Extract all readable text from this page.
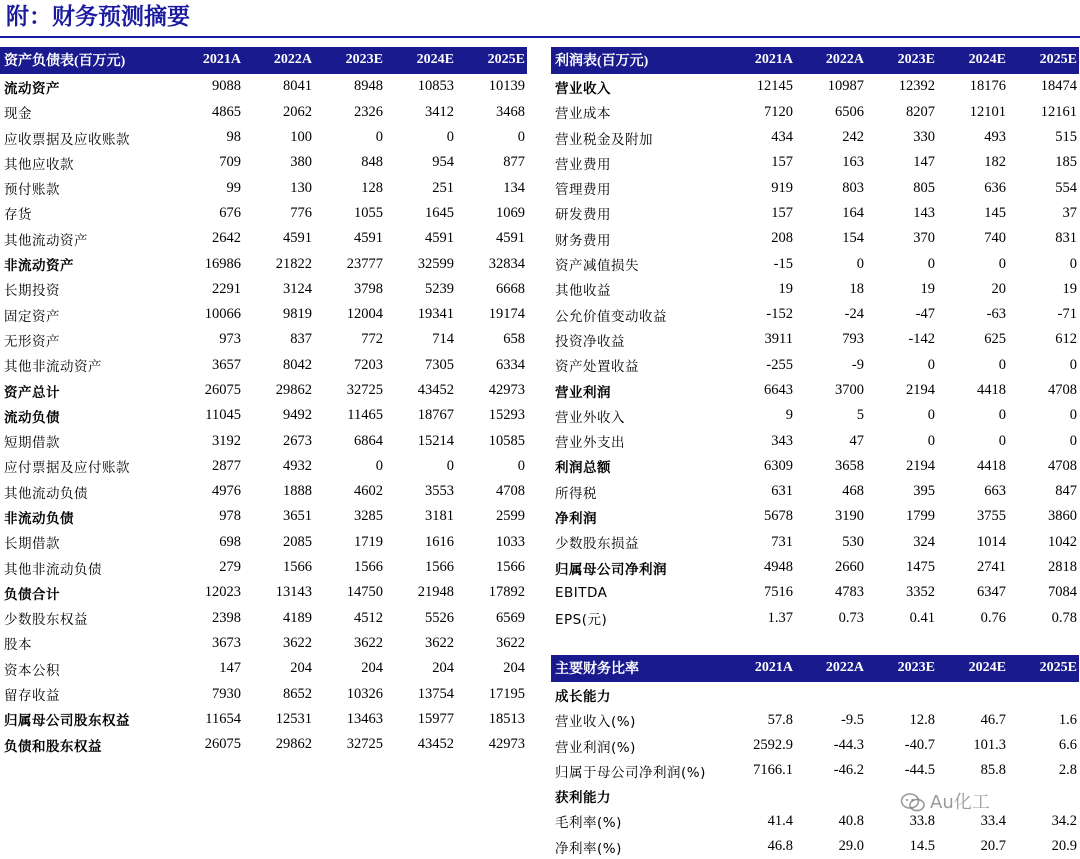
附：财务预测摘要
资产负债表(百万元)	2021A	2022A	2023E	2024E	2025E
流动资产	9088	8041	8948	10853	10139
现金	4865	2062	2326	3412	3468
应收票据及应收账款	98	100	0	0	0
其他应收款	709	380	848	954	877
预付账款	99	130	128	251	134
存货	676	776	1055	1645	1069
其他流动资产	2642	4591	4591	4591	4591
非流动资产	16986	21822	23777	32599	32834
长期投资	2291	3124	3798	5239	6668
固定资产	10066	9819	12004	19341	19174
无形资产	973	837	772	714	658
其他非流动资产	3657	8042	7203	7305	6334
资产总计	26075	29862	32725	43452	42973
流动负债	11045	9492	11465	18767	15293
短期借款	3192	2673	6864	15214	10585
应付票据及应付账款	2877	4932	0	0	0
其他流动负债	4976	1888	4602	3553	4708
非流动负债	978	3651	3285	3181	2599
长期借款	698	2085	1719	1616	1033
其他非流动负债	279	1566	1566	1566	1566
负债合计	12023	13143	14750	21948	17892
少数股东权益	2398	4189	4512	5526	6569
股本	3673	3622	3622	3622	3622
资本公积	147	204	204	204	204
留存收益	7930	8652	10326	13754	17195
归属母公司股东权益	11654	12531	13463	15977	18513
负债和股东权益	26075	29862	32725	43452	42973
利润表(百万元)	2021A	2022A	2023E	2024E	2025E
营业收入	12145	10987	12392	18176	18474
营业成本	7120	6506	8207	12101	12161
营业税金及附加	434	242	330	493	515
营业费用	157	163	147	182	185
管理费用	919	803	805	636	554
研发费用	157	164	143	145	37
财务费用	208	154	370	740	831
资产减值损失	-15	0	0	0	0
其他收益	19	18	19	20	19
公允价值变动收益	-152	-24	-47	-63	-71
投资净收益	3911	793	-142	625	612
资产处置收益	-255	-9	0	0	0
营业利润	6643	3700	2194	4418	4708
营业外收入	9	5	0	0	0
营业外支出	343	47	0	0	0
利润总额	6309	3658	2194	4418	4708
所得税	631	468	395	663	847
净利润	5678	3190	1799	3755	3860
少数股东损益	731	530	324	1014	1042
归属母公司净利润	4948	2660	1475	2741	2818
EBITDA	7516	4783	3352	6347	7084
EPS(元)	1.37	0.73	0.41	0.76	0.78
主要财务比率	2021A	2022A	2023E	2024E	2025E
成长能力					
营业收入(%)	57.8	-9.5	12.8	46.7	1.6
营业利润(%)	2592.9	-44.3	-40.7	101.3	6.6
归属于母公司净利润(%)	7166.1	-46.2	-44.5	85.8	2.8
获利能力					
毛利率(%)	41.4	40.8	33.8	33.4	34.2
净利率(%)	46.8	29.0	14.5	20.7	20.9
Au化工
